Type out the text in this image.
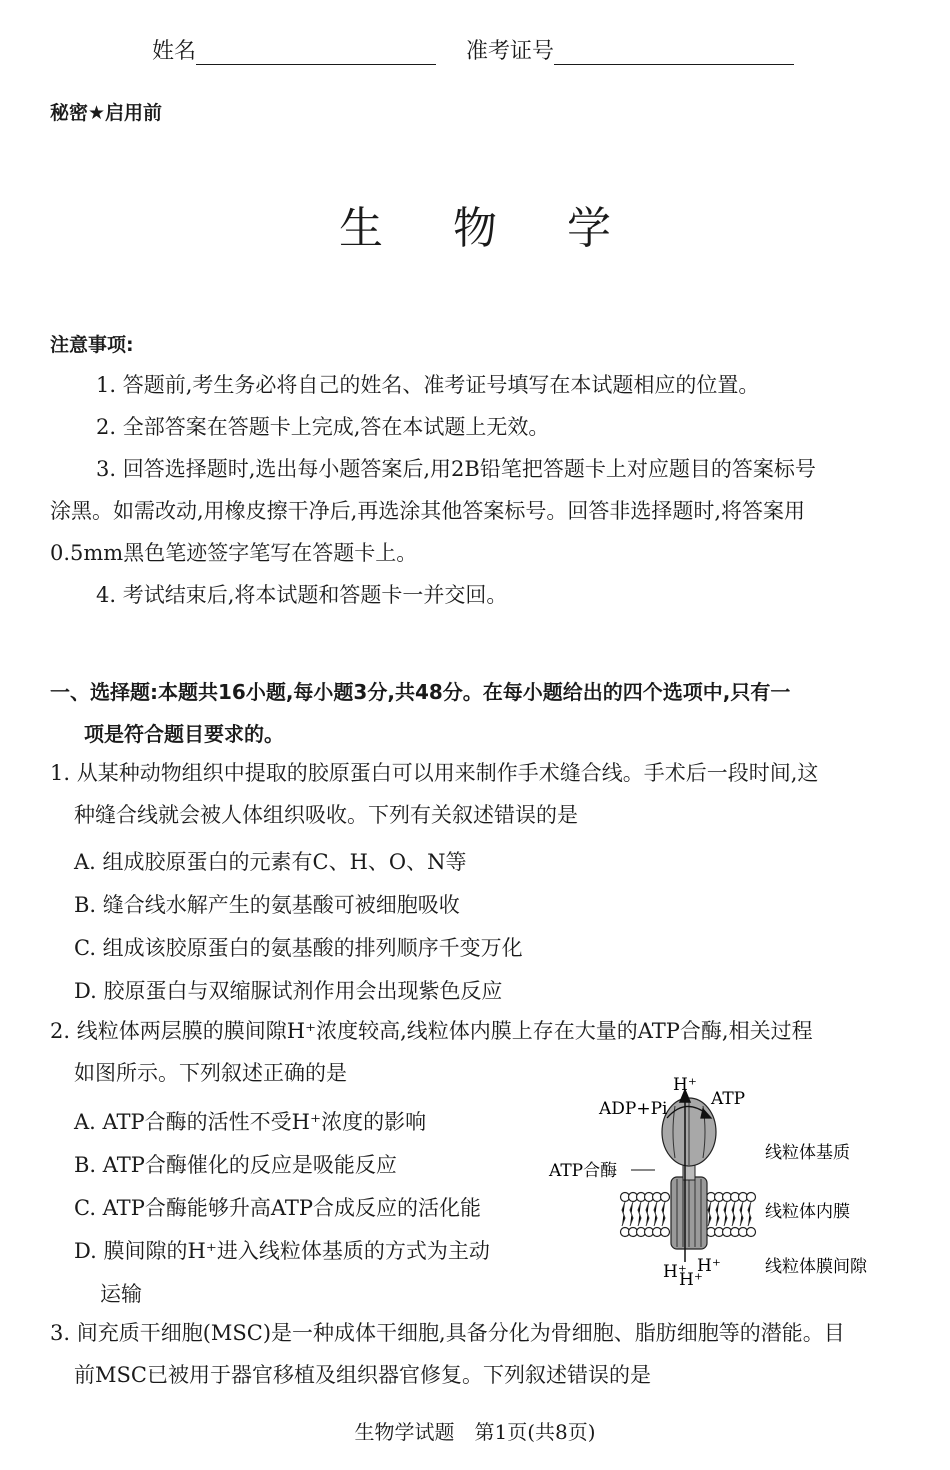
姓名	准考证号
秘密★启用前
生物学
注意事项:
1. 答题前,考生务必将自己的姓名、准考证号填写在本试题相应的位置。
2. 全部答案在答题卡上完成,答在本试题上无效。
3. 回答选择题时,选出每小题答案后,用2B铅笔把答题卡上对应题目的答案标号
涂黑。如需改动,用橡皮擦干净后,再选涂其他答案标号。回答非选择题时,将答案用
0.5mm黑色笔迹签字笔写在答题卡上。
4. 考试结束后,将本试题和答题卡一并交回。
一、选择题:本题共16小题,每小题3分,共48分。在每小题给出的四个选项中,只有一
项是符合题目要求的。
1. 从某种动物组织中提取的胶原蛋白可以用来制作手术缝合线。手术后一段时间,这
种缝合线就会被人体组织吸收。下列有关叙述错误的是
A. 组成胶原蛋白的元素有C、H、O、N等
B. 缝合线水解产生的氨基酸可被细胞吸收
C. 组成该胶原蛋白的氨基酸的排列顺序千变万化
D. 胶原蛋白与双缩脲试剂作用会出现紫色反应
2. 线粒体两层膜的膜间隙H⁺浓度较高,线粒体内膜上存在大量的ATP合酶,相关过程
如图所示。下列叙述正确的是
A. ATP合酶的活性不受H⁺浓度的影响
B. ATP合酶催化的反应是吸能反应
C. ATP合酶能够升高ATP合成反应的活化能
D. 膜间隙的H⁺进入线粒体基质的方式为主动
运输
H⁺
ADP+Pi	ATP
ATP合酶
线粒体基质
线粒体内膜
线粒体膜间隙
H⁺
H⁺
H⁺
3. 间充质干细胞(MSC)是一种成体干细胞,具备分化为骨细胞、脂肪细胞等的潜能。目
前MSC已被用于器官移植及组织器官修复。下列叙述错误的是
生物学试题　第1页(共8页)
